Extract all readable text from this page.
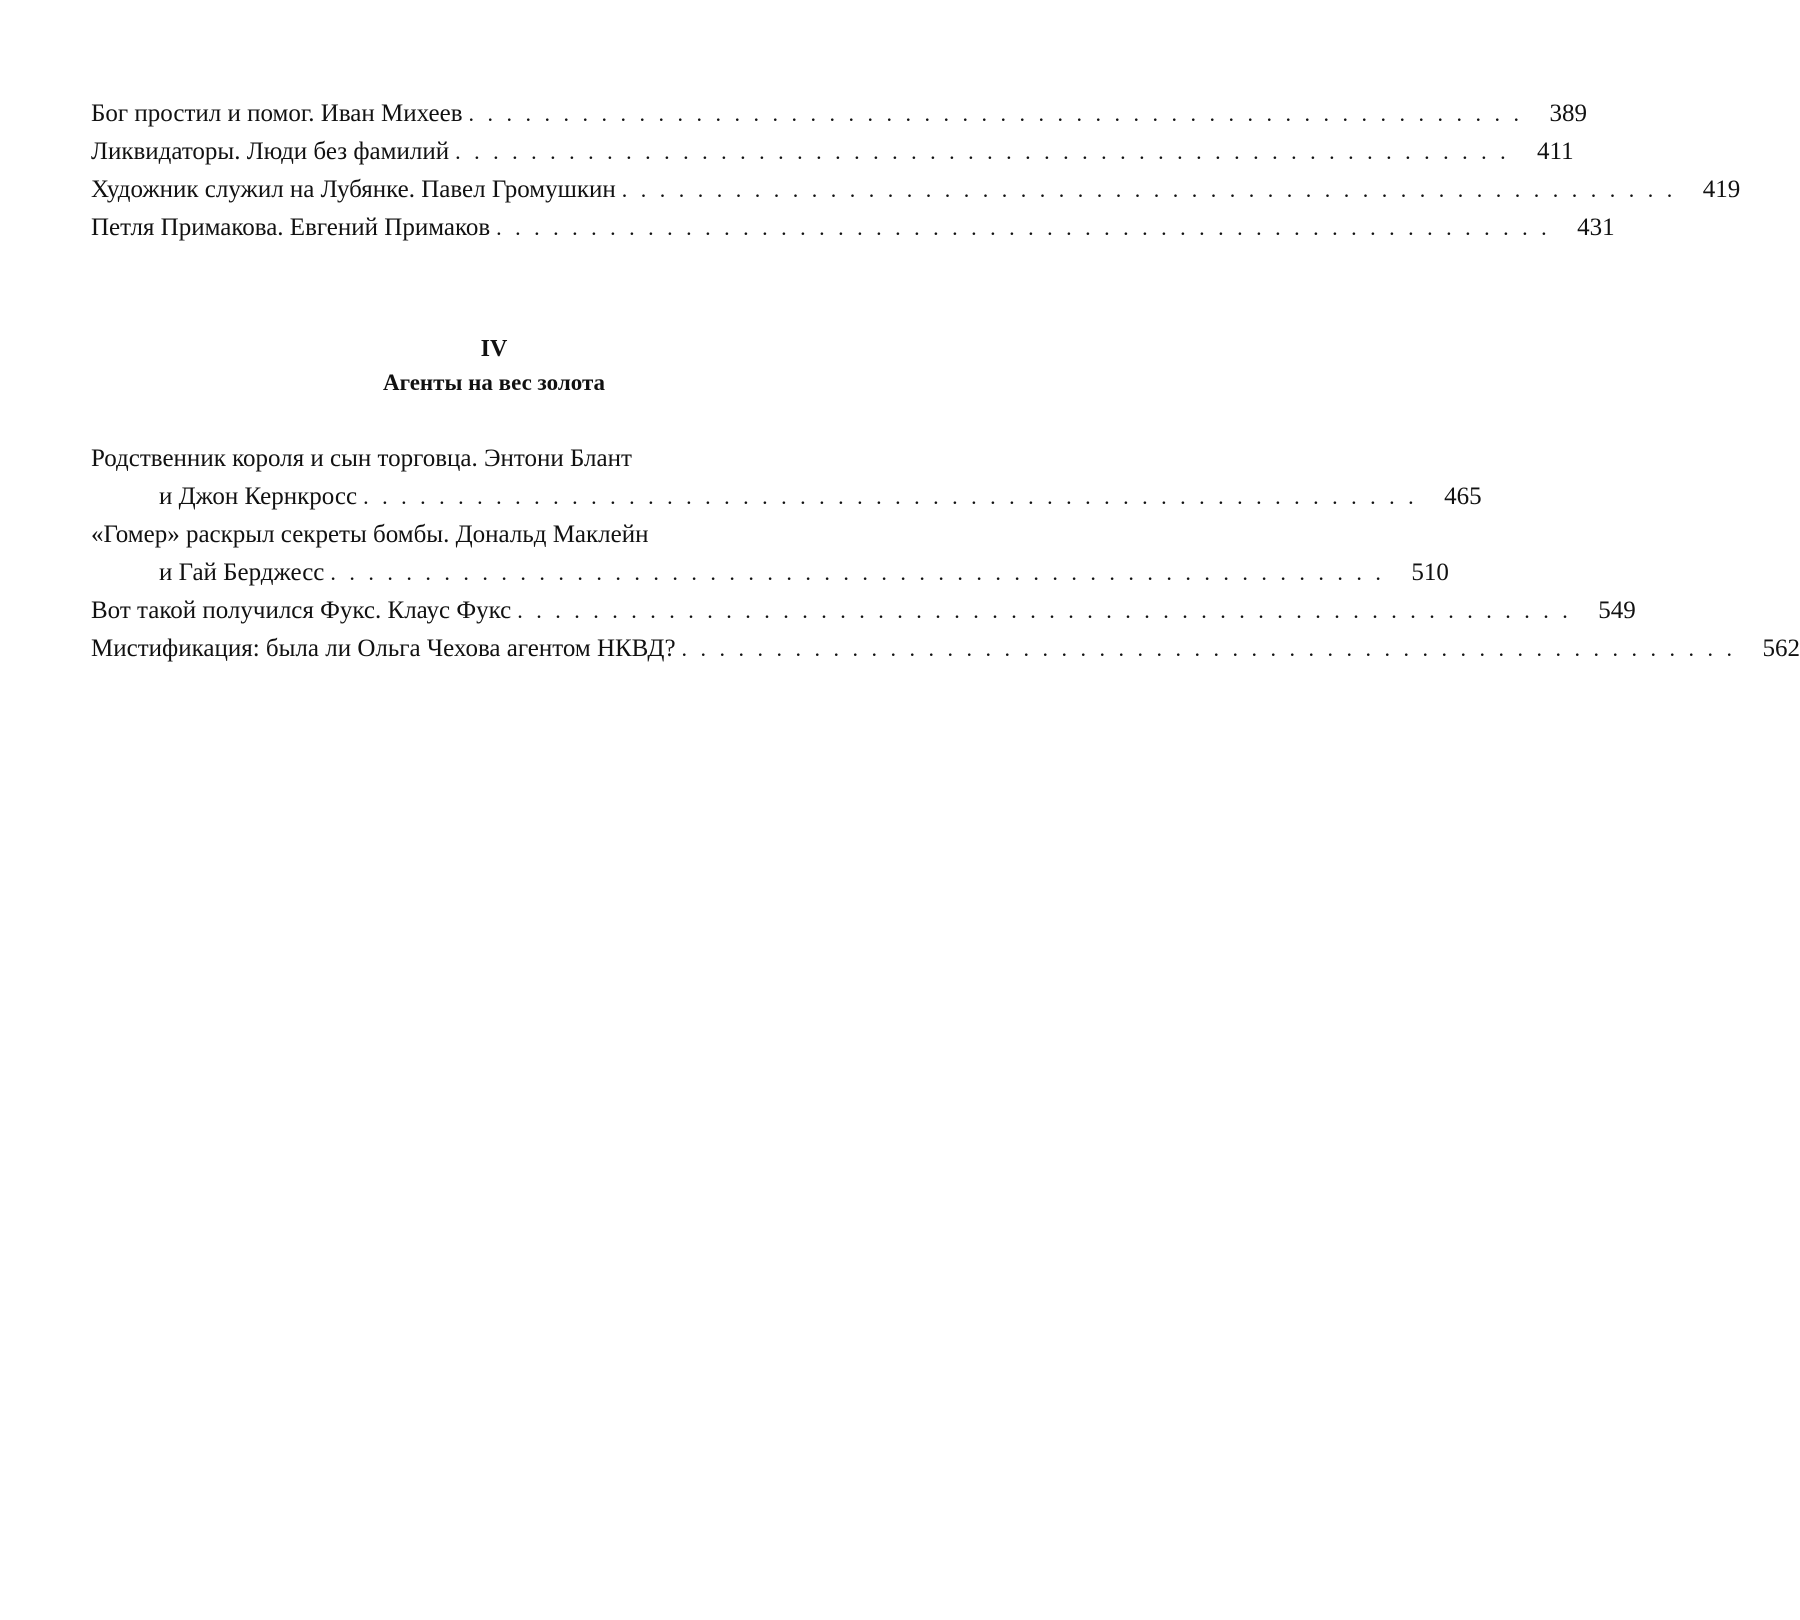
Бог простил и помог. Иван Михеев . . . . . . . . . . . . . . . . . . . . . . . . . . . . . . . . . . . . . . . . . . . . . . . . . . . . . . . .	389
Ликвидаторы. Люди без фамилий . . . . . . . . . . . . . . . . . . . . . . . . . . . . . . . . . . . . . . . . . . . . . . . . . . . . . . . .	411
Художник служил на Лубянке. Павел Громушкин . . . . . . . . . . . . . . . . . . . . . . . . . . . . . . . . . . . . . . . . . . . . . . . . . . . . . . . .	419
Петля Примакова. Евгений Примаков . . . . . . . . . . . . . . . . . . . . . . . . . . . . . . . . . . . . . . . . . . . . . . . . . . . . . . . .	431
IV
Агенты на вес золота
Родственник короля и сын торговца. Энтони Блант
и Джон Кернкросс . . . . . . . . . . . . . . . . . . . . . . . . . . . . . . . . . . . . . . . . . . . . . . . . . . . . . . . .	465
«Гомер» раскрыл секреты бомбы. Дональд Маклейн
и Гай Берджесс . . . . . . . . . . . . . . . . . . . . . . . . . . . . . . . . . . . . . . . . . . . . . . . . . . . . . . . .	510
Вот такой получился Фукс. Клаус Фукс . . . . . . . . . . . . . . . . . . . . . . . . . . . . . . . . . . . . . . . . . . . . . . . . . . . . . . . .	549
Мистификация: была ли Ольга Чехова агентом НКВД? . . . . . . . . . . . . . . . . . . . . . . . . . . . . . . . . . . . . . . . . . . . . . . . . . . . . . . . .	562
